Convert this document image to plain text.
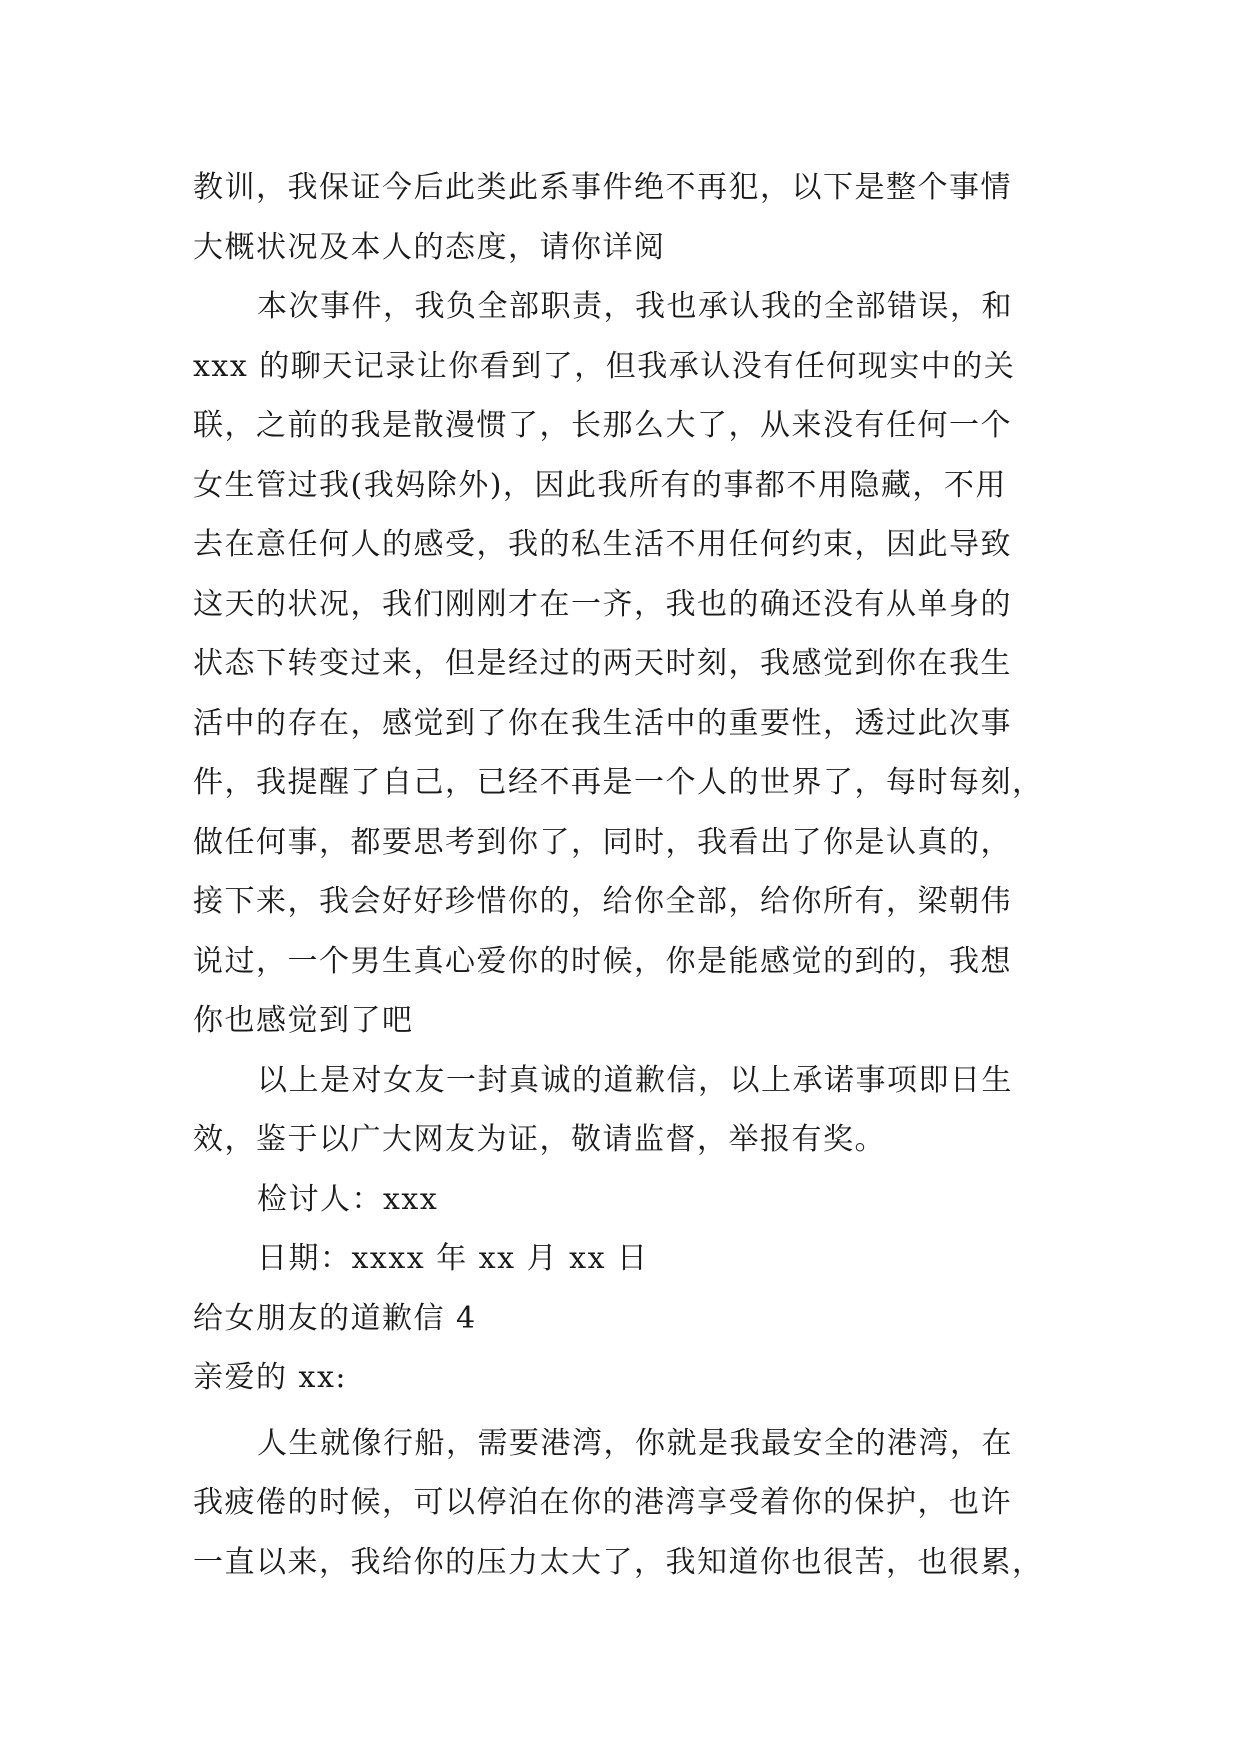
教训，我保证今后此类此系事件绝不再犯，以下是整个事情
大概状况及本人的态度，请你详阅
本次事件，我负全部职责，我也承认我的全部错误，和
xxx 的聊天记录让你看到了，但我承认没有任何现实中的关
联，之前的我是散漫惯了，长那么大了，从来没有任何一个
女生管过我(我妈除外)，因此我所有的事都不用隐藏，不用
去在意任何人的感受，我的私生活不用任何约束，因此导致
这天的状况，我们刚刚才在一齐，我也的确还没有从单身的
状态下转变过来，但是经过的两天时刻，我感觉到你在我生
活中的存在，感觉到了你在我生活中的重要性，透过此次事
件，我提醒了自己，已经不再是一个人的世界了，每时每刻，
做任何事，都要思考到你了，同时，我看出了你是认真的，
接下来，我会好好珍惜你的，给你全部，给你所有，梁朝伟
说过，一个男生真心爱你的时候，你是能感觉的到的，我想
你也感觉到了吧
以上是对女友一封真诚的道歉信，以上承诺事项即日生
效，鉴于以广大网友为证，敬请监督，举报有奖。
检讨人：xxx
日期：xxxx 年 xx 月 xx 日
给女朋友的道歉信 4
亲爱的 xx:
人生就像行船，需要港湾，你就是我最安全的港湾，在
我疲倦的时候，可以停泊在你的港湾享受着你的保护，也许
一直以来，我给你的压力太大了，我知道你也很苦，也很累，
